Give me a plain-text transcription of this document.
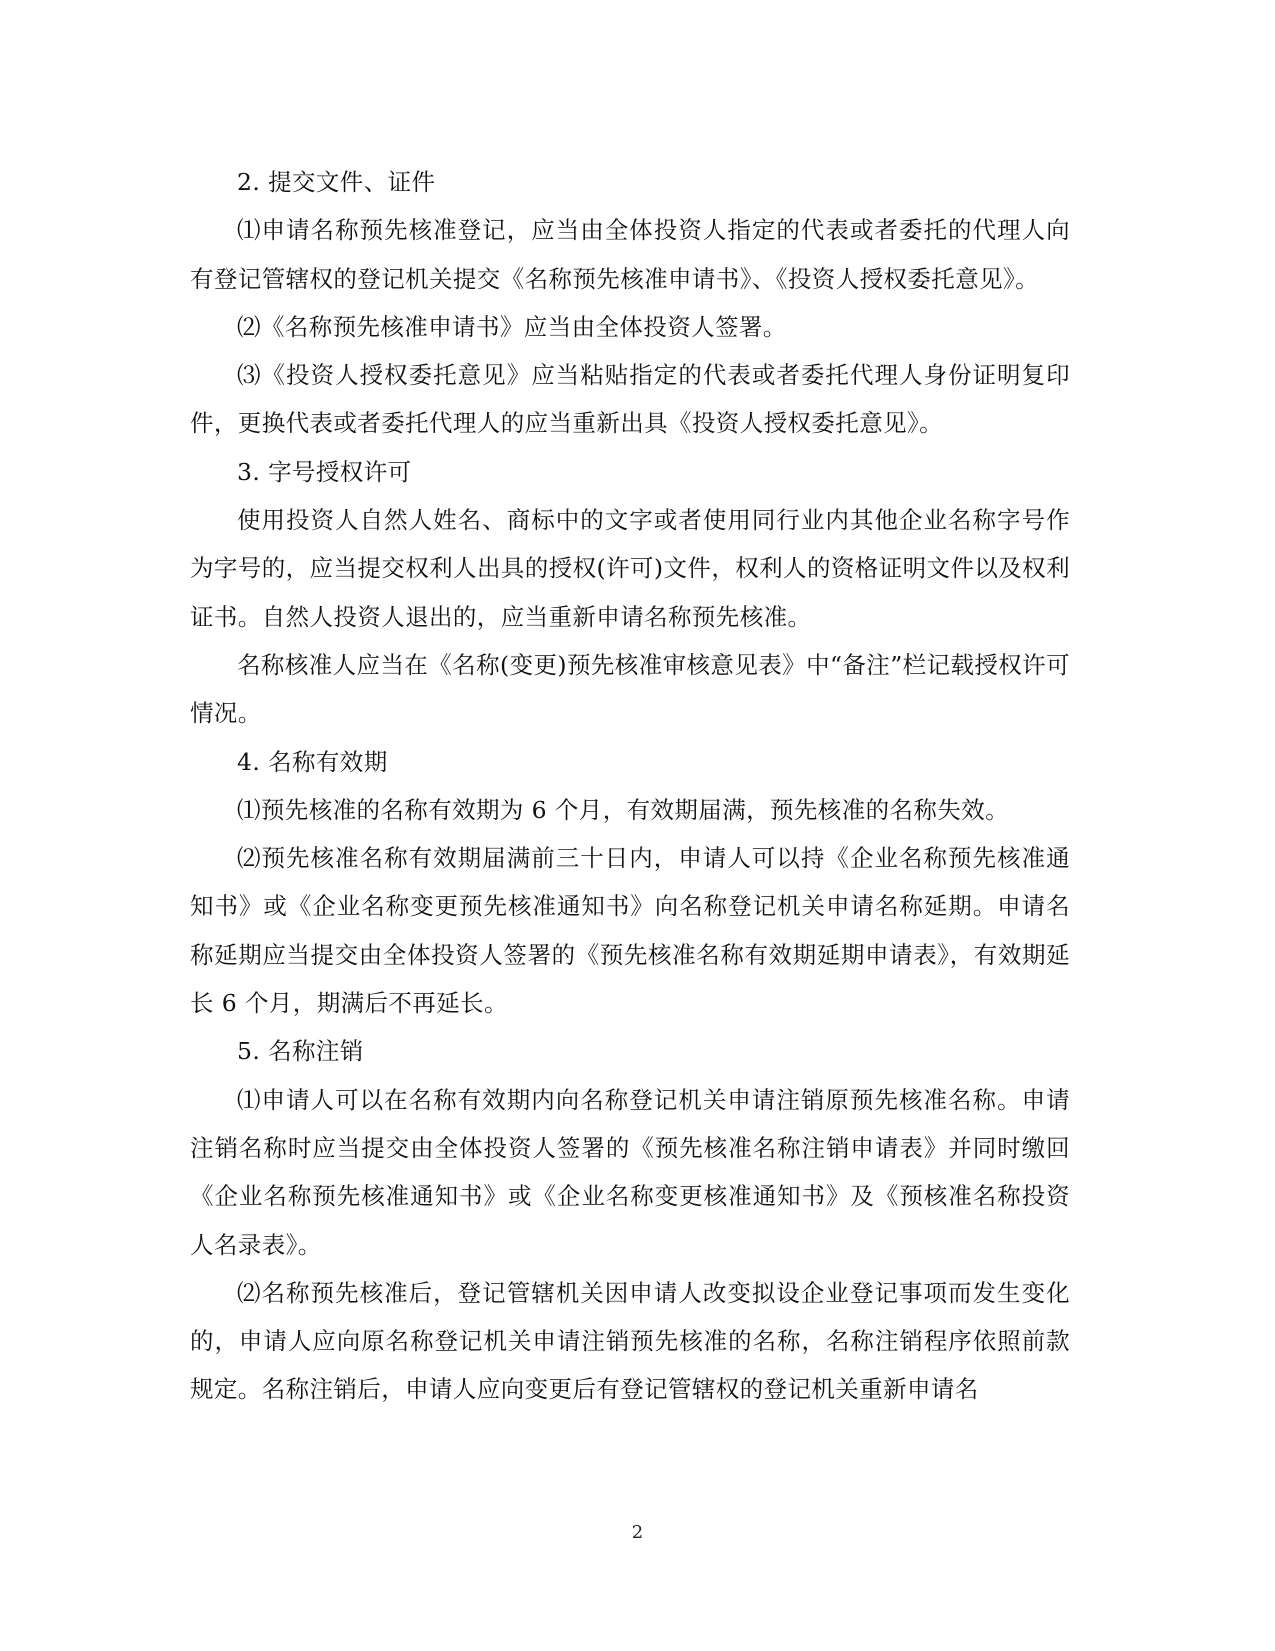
2. 提交文件、证件

⑴申请名称预先核准登记，应当由全体投资人指定的代表或者委托的代理人向有登记管辖权的登记机关提交《名称预先核准申请书》、《投资人授权委托意见》。

⑵《名称预先核准申请书》应当由全体投资人签署。

⑶《投资人授权委托意见》应当粘贴指定的代表或者委托代理人身份证明复印件，更换代表或者委托代理人的应当重新出具《投资人授权委托意见》。

3. 字号授权许可

使用投资人自然人姓名、商标中的文字或者使用同行业内其他企业名称字号作为字号的，应当提交权利人出具的授权(许可)文件，权利人的资格证明文件以及权利证书。自然人投资人退出的，应当重新申请名称预先核准。

名称核准人应当在《名称(变更)预先核准审核意见表》中“备注”栏记载授权许可情况。

4. 名称有效期

⑴预先核准的名称有效期为 6 个月，有效期届满，预先核准的名称失效。

⑵预先核准名称有效期届满前三十日内，申请人可以持《企业名称预先核准通知书》或《企业名称变更预先核准通知书》向名称登记机关申请名称延期。申请名称延期应当提交由全体投资人签署的《预先核准名称有效期延期申请表》，有效期延长 6 个月，期满后不再延长。

5. 名称注销

⑴申请人可以在名称有效期内向名称登记机关申请注销原预先核准名称。申请注销名称时应当提交由全体投资人签署的《预先核准名称注销申请表》并同时缴回《企业名称预先核准通知书》或《企业名称变更核准通知书》及《预核准名称投资人名录表》。

⑵名称预先核准后，登记管辖机关因申请人改变拟设企业登记事项而发生变化的，申请人应向原名称登记机关申请注销预先核准的名称，名称注销程序依照前款规定。名称注销后，申请人应向变更后有登记管辖权的登记机关重新申请名

2
